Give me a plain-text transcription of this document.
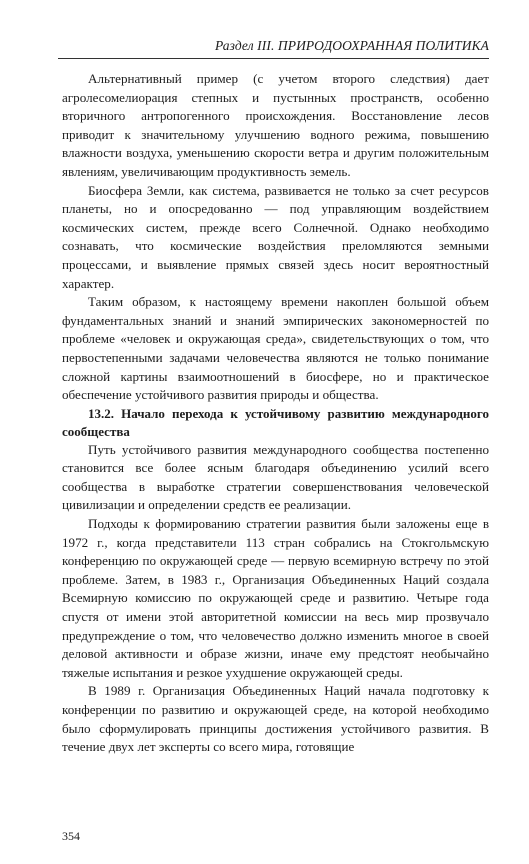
Раздел III. ПРИРОДООХРАННАЯ ПОЛИТИКА

Альтернативный пример (с учетом второго следствия) дает агролесомелиорация степных и пустынных пространств, особенно вторичного антропогенного происхождения. Восстановление лесов приводит к значительному улучшению водного режима, повышению влажности воздуха, уменьшению скорости ветра и другим положительным явлениям, увеличивающим продуктивность земель.

Биосфера Земли, как система, развивается не только за счет ресурсов планеты, но и опосредованно — под управляющим воздействием космических систем, прежде всего Солнечной. Однако необходимо сознавать, что космические воздействия преломляются земными процессами, и выявление прямых связей здесь носит вероятностный характер.

Таким образом, к настоящему времени накоплен большой объем фундаментальных знаний и знаний эмпирических закономерностей по проблеме «человек и окружающая среда», свидетельствующих о том, что первостепенными задачами человечества являются не только понимание сложной картины взаимоотношений в биосфере, но и практическое обеспечение устойчивого развития природы и общества.

13.2. Начало перехода к устойчивому развитию международного сообщества

Путь устойчивого развития международного сообщества постепенно становится все более ясным благодаря объединению усилий всего сообщества в выработке стратегии совершенствования человеческой цивилизации и определении средств ее реализации.

Подходы к формированию стратегии развития были заложены еще в 1972 г., когда представители 113 стран собрались на Стокгольмскую конференцию по окружающей среде — первую всемирную встречу по этой проблеме. Затем, в 1983 г., Организация Объединенных Наций создала Всемирную комиссию по окружающей среде и развитию. Четыре года спустя от имени этой авторитетной комиссии на весь мир прозвучало предупреждение о том, что человечество должно изменить многое в своей деловой активности и образе жизни, иначе ему предстоят необычайно тяжелые испытания и резкое ухудшение окружающей среды.

В 1989 г. Организация Объединенных Наций начала подготовку к конференции по развитию и окружающей среде, на которой необходимо было сформулировать принципы достижения устойчивого развития. В течение двух лет эксперты со всего мира, готовящие

354
